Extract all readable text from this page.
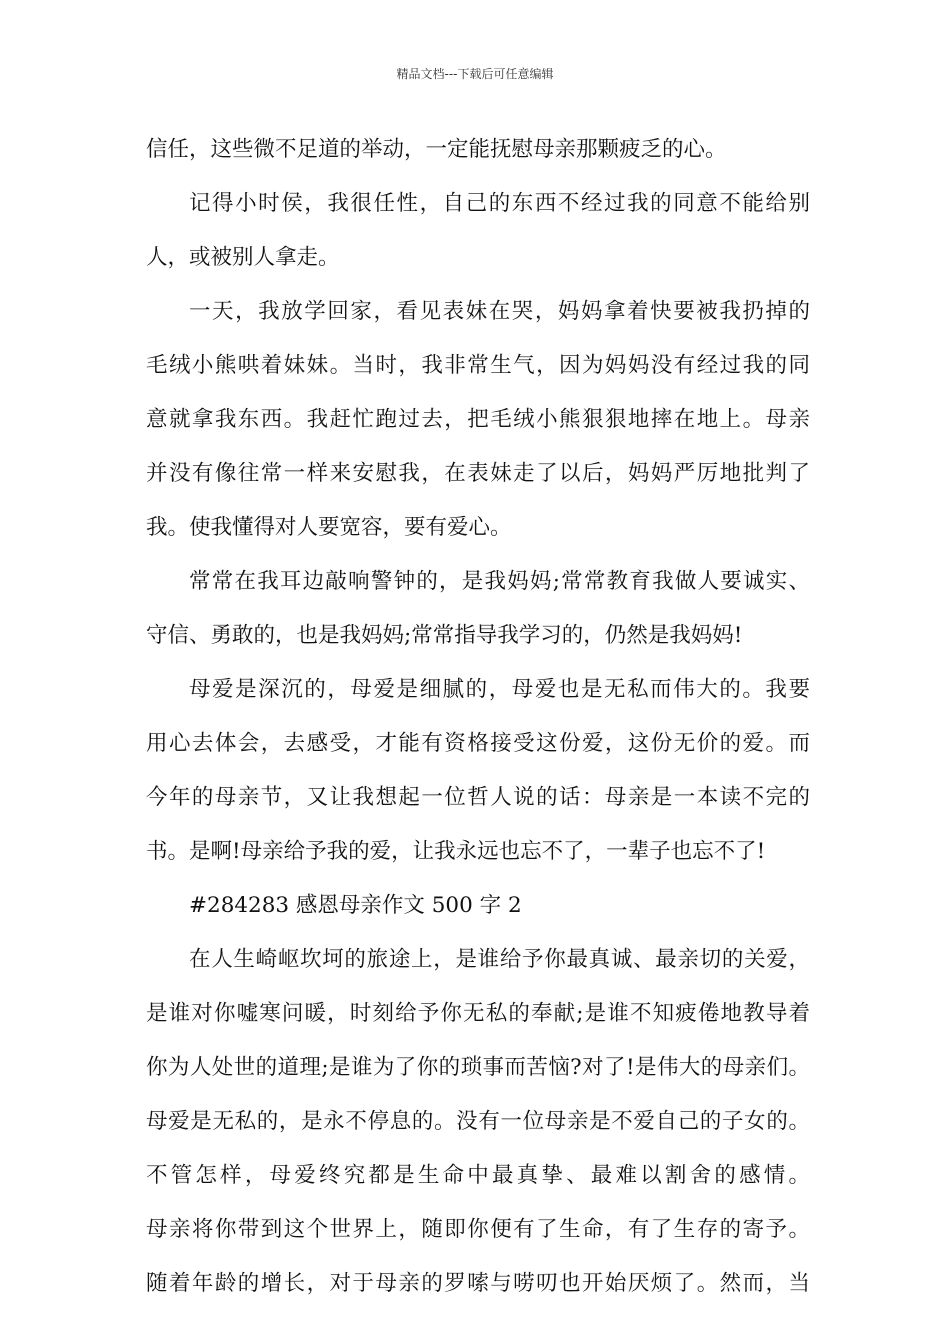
精品文档---下载后可任意编辑
信任，这些微不足道的举动，一定能抚慰母亲那颗疲乏的心。
记得小时侯，我很任性，自己的东西不经过我的同意不能给别
人，或被别人拿走。
一天，我放学回家，看见表妹在哭，妈妈拿着快要被我扔掉的
毛绒小熊哄着妹妹。当时，我非常生气，因为妈妈没有经过我的同
意就拿我东西。我赶忙跑过去，把毛绒小熊狠狠地摔在地上。母亲
并没有像往常一样来安慰我，在表妹走了以后，妈妈严厉地批判了
我。使我懂得对人要宽容，要有爱心。
常常在我耳边敲响警钟的，是我妈妈;常常教育我做人要诚实、
守信、勇敢的，也是我妈妈;常常指导我学习的，仍然是我妈妈!
母爱是深沉的，母爱是细腻的，母爱也是无私而伟大的。我要
用心去体会，去感受，才能有资格接受这份爱，这份无价的爱。而
今年的母亲节，又让我想起一位哲人说的话：母亲是一本读不完的
书。是啊!母亲给予我的爱，让我永远也忘不了，一辈子也忘不了!
#284283 感恩母亲作文 500 字 2
在人生崎岖坎坷的旅途上，是谁给予你最真诚、最亲切的关爱，
是谁对你嘘寒问暖，时刻给予你无私的奉献;是谁不知疲倦地教导着
你为人处世的道理;是谁为了你的琐事而苦恼?对了!是伟大的母亲们。
母爱是无私的，是永不停息的。没有一位母亲是不爱自己的子女的。
不管怎样，母爱终究都是生命中最真挚、最难以割舍的感情。
母亲将你带到这个世界上，随即你便有了生命，有了生存的寄予。
随着年龄的增长，对于母亲的罗嗦与唠叨也开始厌烦了。然而，当
